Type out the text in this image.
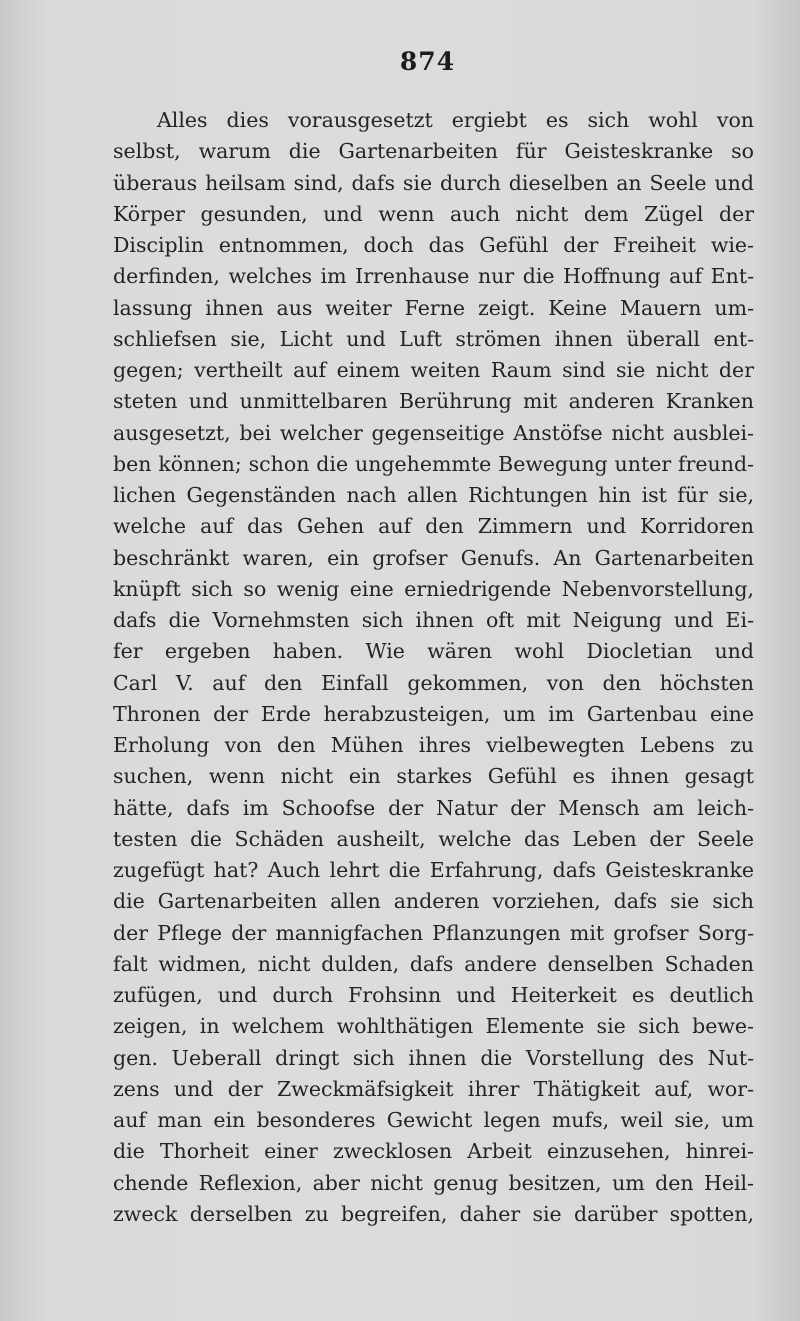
874
Alles dies vorausgesetzt ergiebt es sich wohl von
selbst, warum die Gartenarbeiten für Geisteskranke so
überaus heilsam sind, dafs sie durch dieselben an Seele und
Körper gesunden, und wenn auch nicht dem Zügel der
Disciplin entnommen, doch das Gefühl der Freiheit wie-
derfinden, welches im Irrenhause nur die Hoffnung auf Ent-
lassung ihnen aus weiter Ferne zeigt. Keine Mauern um-
schliefsen sie, Licht und Luft strömen ihnen überall ent-
gegen; vertheilt auf einem weiten Raum sind sie nicht der
steten und unmittelbaren Berührung mit anderen Kranken
ausgesetzt, bei welcher gegenseitige Anstöfse nicht ausblei-
ben können; schon die ungehemmte Bewegung unter freund-
lichen Gegenständen nach allen Richtungen hin ist für sie,
welche auf das Gehen auf den Zimmern und Korridoren
beschränkt waren, ein grofser Genufs. An Gartenarbeiten
knüpft sich so wenig eine erniedrigende Nebenvorstellung,
dafs die Vornehmsten sich ihnen oft mit Neigung und Ei-
fer ergeben haben. Wie wären wohl Diocletian und
Carl V. auf den Einfall gekommen, von den höchsten
Thronen der Erde herabzusteigen, um im Gartenbau eine
Erholung von den Mühen ihres vielbewegten Lebens zu
suchen, wenn nicht ein starkes Gefühl es ihnen gesagt
hätte, dafs im Schoofse der Natur der Mensch am leich-
testen die Schäden ausheilt, welche das Leben der Seele
zugefügt hat? Auch lehrt die Erfahrung, dafs Geisteskranke
die Gartenarbeiten allen anderen vorziehen, dafs sie sich
der Pflege der mannigfachen Pflanzungen mit grofser Sorg-
falt widmen, nicht dulden, dafs andere denselben Schaden
zufügen, und durch Frohsinn und Heiterkeit es deutlich
zeigen, in welchem wohlthätigen Elemente sie sich bewe-
gen. Ueberall dringt sich ihnen die Vorstellung des Nut-
zens und der Zweckmäfsigkeit ihrer Thätigkeit auf, wor-
auf man ein besonderes Gewicht legen mufs, weil sie, um
die Thorheit einer zwecklosen Arbeit einzusehen, hinrei-
chende Reflexion, aber nicht genug besitzen, um den Heil-
zweck derselben zu begreifen, daher sie darüber spotten,
